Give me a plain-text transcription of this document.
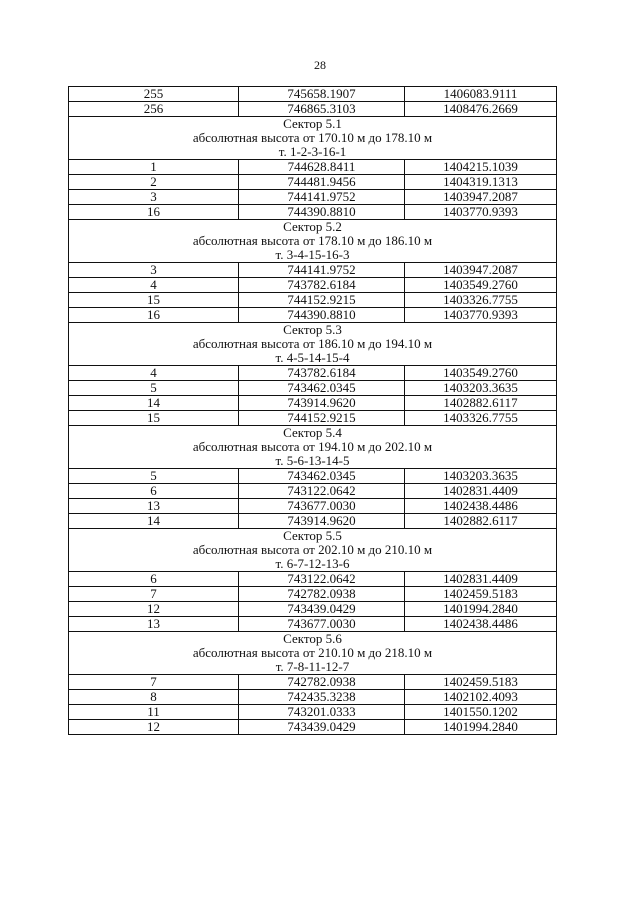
28
255	745658.1907	1406083.9111
256	746865.3103	1408476.2669
Сектор 5.1		
абсолютная высота от 170.10 м до 178.10 м		
т. 1-2-3-16-1		
1	744628.8411	1404215.1039
2	744481.9456	1404319.1313
3	744141.9752	1403947.2087
16	744390.8810	1403770.9393
Сектор 5.2		
абсолютная высота от 178.10 м до 186.10 м		
т. 3-4-15-16-3		
3	744141.9752	1403947.2087
4	743782.6184	1403549.2760
15	744152.9215	1403326.7755
16	744390.8810	1403770.9393
Сектор 5.3		
абсолютная высота от 186.10 м до 194.10 м		
т. 4-5-14-15-4		
4	743782.6184	1403549.2760
5	743462.0345	1403203.3635
14	743914.9620	1402882.6117
15	744152.9215	1403326.7755
Сектор 5.4		
абсолютная высота от 194.10 м до 202.10 м		
т. 5-6-13-14-5		
5	743462.0345	1403203.3635
6	743122.0642	1402831.4409
13	743677.0030	1402438.4486
14	743914.9620	1402882.6117
Сектор 5.5		
абсолютная высота от 202.10 м до 210.10 м		
т. 6-7-12-13-6		
6	743122.0642	1402831.4409
7	742782.0938	1402459.5183
12	743439.0429	1401994.2840
13	743677.0030	1402438.4486
Сектор 5.6		
абсолютная высота от 210.10 м до 218.10 м		
т. 7-8-11-12-7		
7	742782.0938	1402459.5183
8	742435.3238	1402102.4093
11	743201.0333	1401550.1202
12	743439.0429	1401994.2840
